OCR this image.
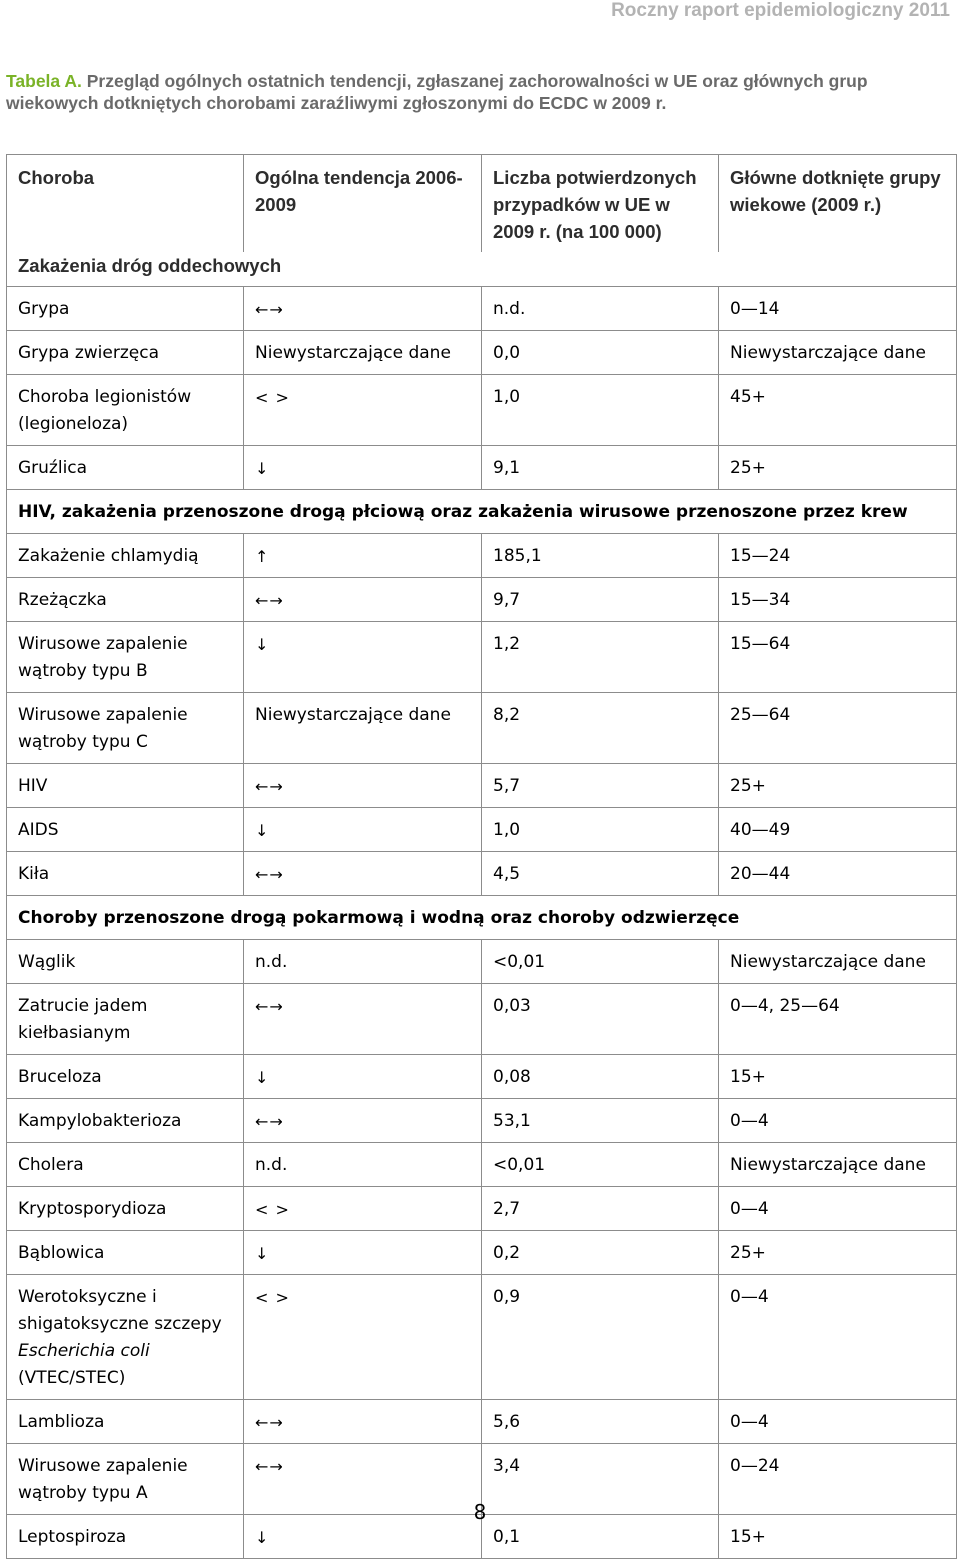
Roczny raport epidemiologiczny 2011
Tabela A. Przegląd ogólnych ostatnich tendencji, zgłaszanej zachorowalności w UE oraz głównych grup wiekowych dotkniętych chorobami zaraźliwymi zgłoszonymi do ECDC w 2009 r.
Choroba	Ogólna tendencja 2006-2009	Liczba potwierdzonych przypadków w UE w 2009 r. (na 100 000)	Główne dotknięte grupy wiekowe (2009 r.)
Zakażenia dróg oddechowych			
Grypa	←→	n.d.	0—14
Grypa zwierzęca	Niewystarczające dane	0,0	Niewystarczające dane
Choroba legionistów (legioneloza)	< >	1,0	45+
Gruźlica	↓	9,1	25+
HIV, zakażenia przenoszone drogą płciową oraz zakażenia wirusowe przenoszone przez krew			
Zakażenie chlamydią	↑	185,1	15—24
Rzeżączka	←→	9,7	15—34
Wirusowe zapalenie wątroby typu B	↓	1,2	15—64
Wirusowe zapalenie wątroby typu C	Niewystarczające dane	8,2	25—64
HIV	←→	5,7	25+
AIDS	↓	1,0	40—49
Kiła	←→	4,5	20—44
Choroby przenoszone drogą pokarmową i wodną oraz choroby odzwierzęce			
Wąglik	n.d.	<0,01	Niewystarczające dane
Zatrucie jadem kiełbasianym	←→	0,03	0—4, 25—64
Bruceloza	↓	0,08	15+
Kampylobakterioza	←→	53,1	0—4
Cholera	n.d.	<0,01	Niewystarczające dane
Kryptosporydioza	< >	2,7	0—4
Bąblowica	↓	0,2	25+
Werotoksyczne i shigatoksyczne szczepy Escherichia coli (VTEC/STEC)	< >	0,9	0—4
Lamblioza	←→	5,6	0—4
Wirusowe zapalenie wątroby typu A	←→	3,4	0—24
Leptospiroza	↓	0,1	15+
8
